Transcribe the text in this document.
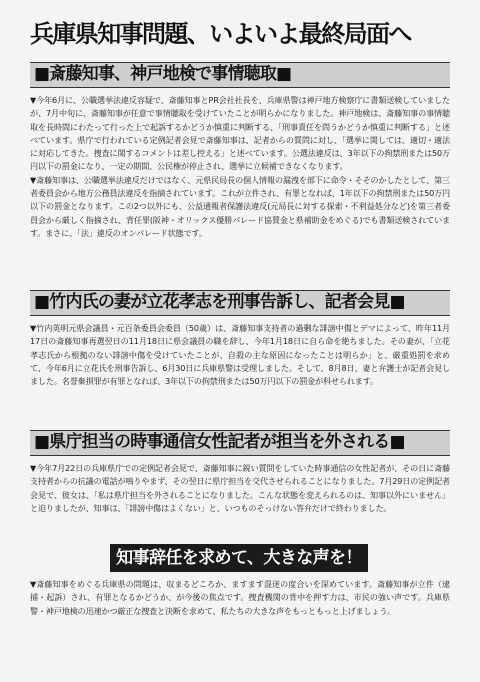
兵庫県知事問題、いよいよ最終局面へ
■斎藤知事、神戸地検で事情聴取■

▼今年6月に、公職選挙法違反容疑で、斎藤知事とPR会社社長を、兵庫県警は神戸地方検察庁に書類送検していましたが、7月中旬に、斎藤知事が任意で事情聴取を受けていたことが明らかになりました。神戸地検は、斎藤知事の事情聴取を長時間にわたって行った上で起訴するかどうか慎重に判断する、「刑事責任を問うかどうか慎重に判断する」と述べています。県庁で行われている定例記者会見で斎藤知事は、記者からの質問に対し、「選挙に関しては、適切・適法に対応してきた。捜査に関するコメントは差し控える」と述べています。公選法違反は、3年以下の拘禁刑または50万円以下の罰金になり、一定の期間、公民権が停止され、選挙に立候補できなくなります。

▼斎藤知事は、公職選挙法違反だけではなく、元県民局長の個人情報の漏洩を部下に命令・そそのかしたとして、第三者委員会から地方公務員法違反を指摘されています。これが立件され、有罪となれば、1年以下の拘禁刑または50万円以下の罰金となります。この2つ以外にも、公益通報者保護法違反(元局長に対する探索・不利益処分など)を第三者委員会から厳しく指摘され、背任罪(阪神・オリックス優勝パレード協賛金と県補助金をめぐる)でも書類送検されています。まさに、「法」違反のオンパレード状態です。

■竹内氏の妻が立花孝志を刑事告訴し、記者会見■

▼竹内英明元県会議員・元百条委員会委員（50歳）は、斎藤知事支持者の過剰な誹謗中傷とデマによって、昨年11月17日の斎藤知事再選翌日の11月18日に県会議員の職を辞し、今年1月18日に自ら命を絶ちました。その妻が、「立花孝志氏から根拠のない誹謗中傷を受けていたことが、自殺の主な原因になったことは明らか」と、厳重処罰を求めて、今年6月に立花氏を刑事告訴し、6月30日に兵庫県警は受理しました。そして、8月8日、妻と弁護士が記者会見しました。名誉棄損罪が有罪となれば、3年以下の拘禁刑または50万円以下の罰金が科せられます。

■県庁担当の時事通信女性記者が担当を外される■

▼今年7月22日の兵庫県庁での定例記者会見で、斎藤知事に鋭い質問をしていた時事通信の女性記者が、その日に斎藤支持者からの抗議の電話が鳴りやまず、その翌日に県庁担当を交代させられることになりました。7月29日の定例記者会見で、彼女は、「私は県庁担当を外されることになりました。こんな状態を変えられるのは、知事以外にいません」と迫りましたが、知事は、「誹謗中傷はよくない」と、いつものそっけない答弁だけで終わりました。

知事辞任を求めて、大きな声を！

▼斎藤知事をめぐる兵庫県の問題は、収まるどころか、ますます混迷の度合いを深めています。斎藤知事が立件（逮捕・起訴）され、有罪となるかどうか、が今後の焦点です。捜査機関の背中を押す力は、市民の強い声です。兵庫県警・神戸地検の迅速かつ厳正な捜査と決断を求めて、私たちの大きな声をもっともっと上げましょう。
